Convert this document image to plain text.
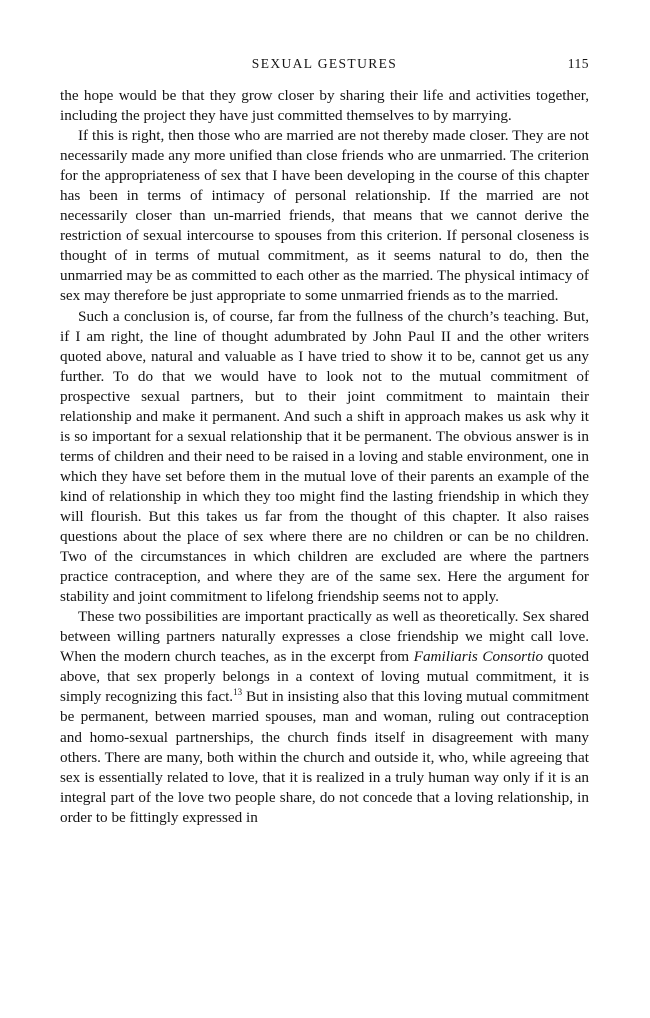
SEXUAL GESTURES	115

the hope would be that they grow closer by sharing their life and activities together, including the project they have just committed themselves to by marrying.

If this is right, then those who are married are not thereby made closer. They are not necessarily made any more unified than close friends who are unmarried. The criterion for the appropriateness of sex that I have been developing in the course of this chapter has been in terms of intimacy of personal relationship. If the married are not necessarily closer than un-married friends, that means that we cannot derive the restriction of sexual intercourse to spouses from this criterion. If personal closeness is thought of in terms of mutual commitment, as it seems natural to do, then the unmarried may be as committed to each other as the married. The physical intimacy of sex may therefore be just appropriate to some unmarried friends as to the married.

Such a conclusion is, of course, far from the fullness of the church’s teaching. But, if I am right, the line of thought adumbrated by John Paul II and the other writers quoted above, natural and valuable as I have tried to show it to be, cannot get us any further. To do that we would have to look not to the mutual commitment of prospective sexual partners, but to their joint commitment to maintain their relationship and make it permanent. And such a shift in approach makes us ask why it is so important for a sexual relationship that it be permanent. The obvious answer is in terms of children and their need to be raised in a loving and stable environment, one in which they have set before them in the mutual love of their parents an example of the kind of relationship in which they too might find the lasting friendship in which they will flourish. But this takes us far from the thought of this chapter. It also raises questions about the place of sex where there are no children or can be no children. Two of the circumstances in which children are excluded are where the partners practice contraception, and where they are of the same sex. Here the argument for stability and joint commitment to lifelong friendship seems not to apply.

These two possibilities are important practically as well as theoretically. Sex shared between willing partners naturally expresses a close friendship we might call love. When the modern church teaches, as in the excerpt from Familiaris Consortio quoted above, that sex properly belongs in a context of loving mutual commitment, it is simply recognizing this fact.$^{13}$ But in insisting also that this loving mutual commitment be permanent, between married spouses, man and woman, ruling out contraception and homo-sexual partnerships, the church finds itself in disagreement with many others. There are many, both within the church and outside it, who, while agreeing that sex is essentially related to love, that it is realized in a truly human way only if it is an integral part of the love two people share, do not concede that a loving relationship, in order to be fittingly expressed in
